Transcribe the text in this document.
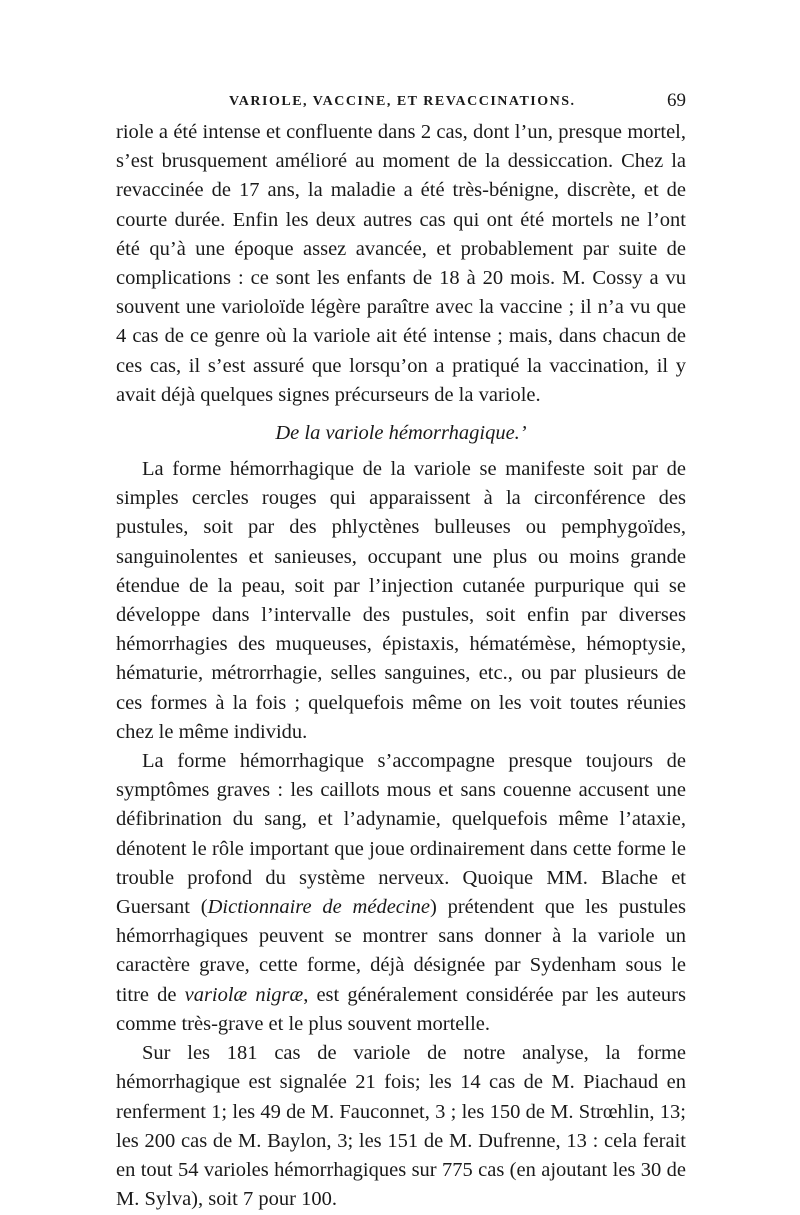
VARIOLE, VACCINE, ET REVACCINATIONS.	69

riole a été intense et confluente dans 2 cas, dont l’un, presque mortel, s’est brusquement amélioré au moment de la dessiccation. Chez la revaccinée de 17 ans, la maladie a été très-bénigne, discrète, et de courte durée. Enfin les deux autres cas qui ont été mortels ne l’ont été qu’à une époque assez avancée, et probablement par suite de complications : ce sont les enfants de 18 à 20 mois. M. Cossy a vu souvent une varioloïde légère paraître avec la vaccine ; il n’a vu que 4 cas de ce genre où la variole ait été intense ; mais, dans chacun de ces cas, il s’est assuré que lorsqu’on a pratiqué la vaccination, il y avait déjà quelques signes précurseurs de la variole.

De la variole hémorrhagique.’

La forme hémorrhagique de la variole se manifeste soit par de simples cercles rouges qui apparaissent à la circonférence des pustules, soit par des phlyctènes bulleuses ou pemphygoïdes, sanguinolentes et sanieuses, occupant une plus ou moins grande étendue de la peau, soit par l’injection cutanée purpurique qui se développe dans l’intervalle des pustules, soit enfin par diverses hémorrhagies des muqueuses, épistaxis, hématémèse, hémoptysie, hématurie, métrorrhagie, selles sanguines, etc., ou par plusieurs de ces formes à la fois ; quelquefois même on les voit toutes réunies chez le même individu.

La forme hémorrhagique s’accompagne presque toujours de symptômes graves : les caillots mous et sans couenne accusent une défibrination du sang, et l’adynamie, quelquefois même l’ataxie, dénotent le rôle important que joue ordinairement dans cette forme le trouble profond du système nerveux. Quoique MM. Blache et Guersant (Dictionnaire de médecine) prétendent que les pustules hémorrhagiques peuvent se montrer sans donner à la variole un caractère grave, cette forme, déjà désignée par Sydenham sous le titre de variolæ nigræ, est généralement considérée par les auteurs comme très-grave et le plus souvent mortelle.

Sur les 181 cas de variole de notre analyse, la forme hémorrhagique est signalée 21 fois; les 14 cas de M. Piachaud en renferment 1; les 49 de M. Fauconnet, 3 ; les 150 de M. Strœhlin, 13; les 200 cas de M. Baylon, 3; les 151 de M. Dufrenne, 13 : cela ferait en tout 54 varioles hémorrhagiques sur 775 cas (en ajoutant les 30 de M. Sylva), soit 7 pour 100.
